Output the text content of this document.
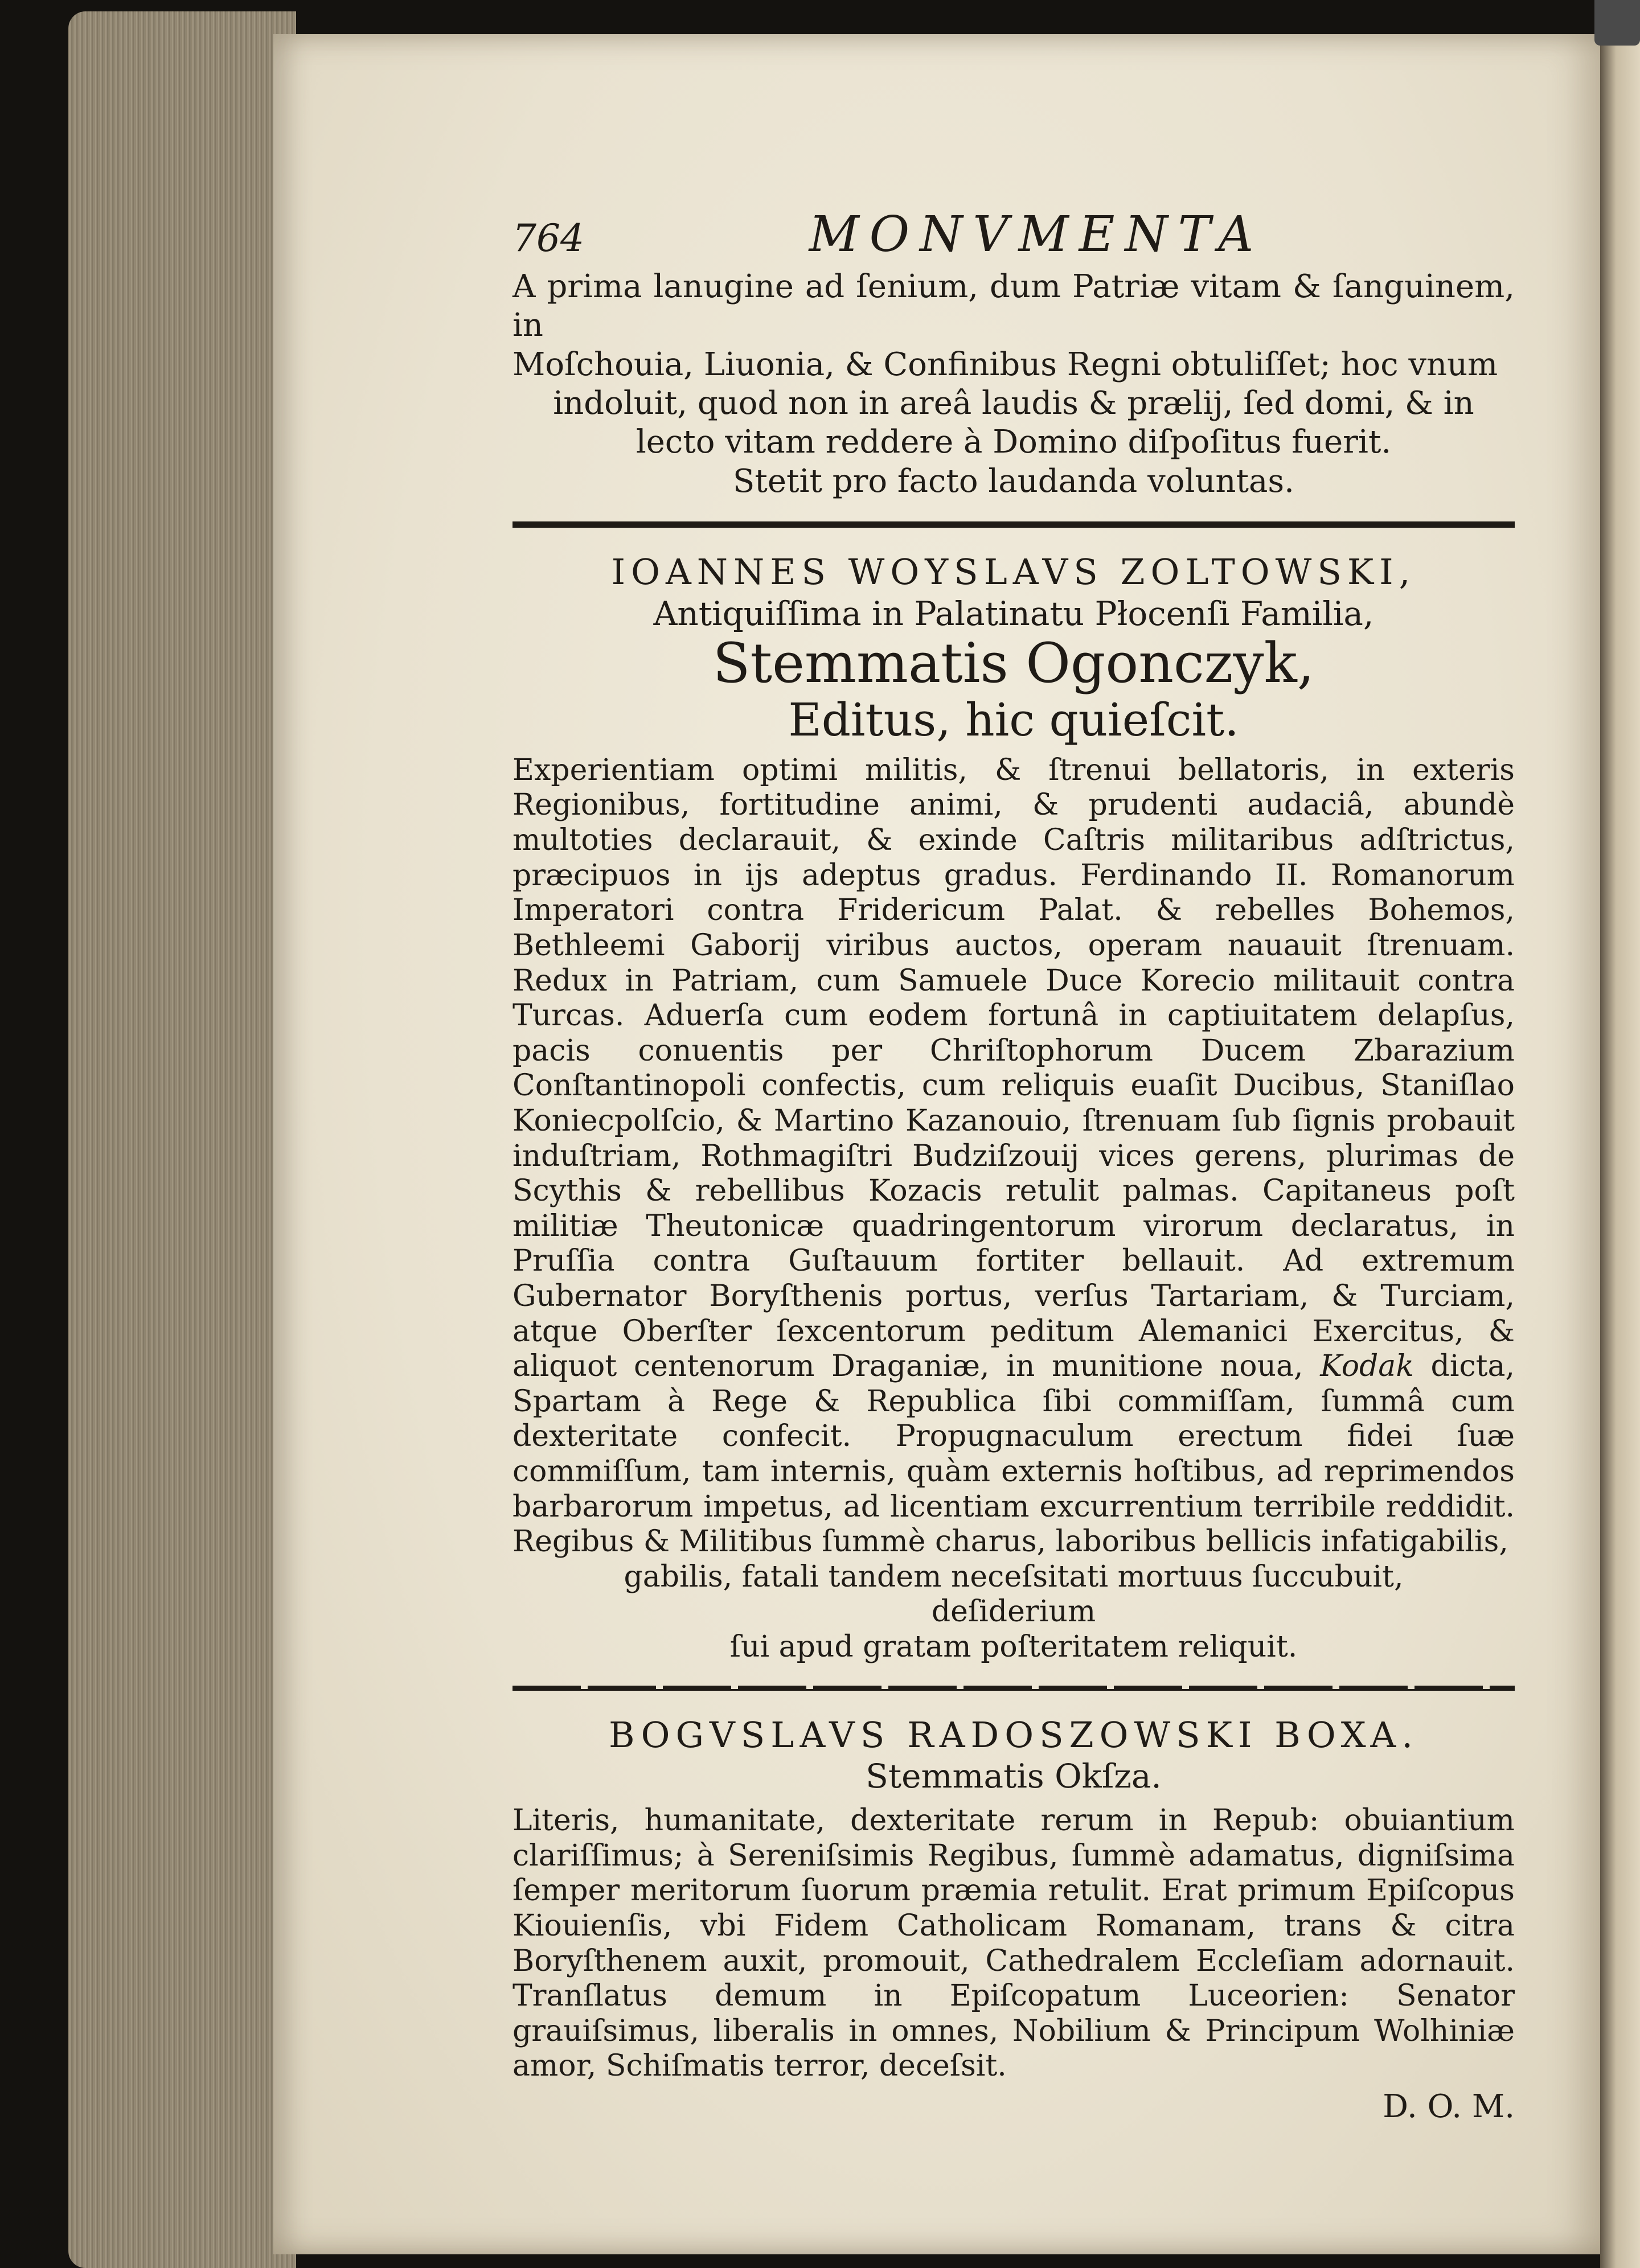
764	MONVMENTA

A prima lanugine ad ſenium, dum Patriæ vitam & ſanguinem, in

Moſchouia, Liuonia, & Confinibus Regni obtuliſſet; hoc vnum

indoluit, quod non in areâ laudis & prælij, ſed domi, & in

lecto vitam reddere à Domino diſpoſitus fuerit.

Stetit pro facto laudanda voluntas.

IOANNES WOYSLAVS ZOLTOWSKI,

Antiquiſſima in Palatinatu Płocenſi Familia,

Stemmatis Ogonczyk,

Editus, hic quieſcit.

Experientiam optimi militis, & ſtrenui bellatoris, in exteris Regionibus, fortitudine animi, & prudenti audaciâ, abundè multoties declarauit, & exinde Caſtris militaribus adſtrictus, præcipuos in ijs adeptus gradus. Ferdinando II. Romanorum Imperatori contra Fridericum Palat. & rebelles Bohemos, Bethleemi Gaborij viribus auctos, operam nauauit ſtrenuam. Redux in Patriam, cum Samuele Duce Korecio militauit contra Turcas. Aduerſa cum eodem fortunâ in captiuitatem delapſus, pacis conuentis per Chriſtophorum Ducem Zbarazium Conſtantinopoli confectis, cum reliquis euaſit Ducibus, Staniſlao Koniecpolſcio, & Martino Kazanouio, ſtrenuam ſub ſignis probauit induſtriam, Rothmagiſtri Budziſzouij vices gerens, plurimas de Scythis & rebellibus Kozacis retulit palmas. Capitaneus poſt militiæ Theutonicæ quadringentorum virorum declaratus, in Pruſſia contra Guſtauum fortiter bellauit. Ad extremum Gubernator Boryſthenis portus, verſus Tartariam, & Turciam, atque Oberſter ſexcentorum peditum Alemanici Exercitus, & aliquot centenorum Draganiæ, in munitione noua, Kodak dicta, Spartam à Rege & Republica ſibi commiſſam, ſummâ cum dexteritate confecit. Propugnaculum erectum fidei ſuæ commiſſum, tam internis, quàm externis hoſtibus, ad reprimendos barbarorum impetus, ad licentiam excurrentium terribile reddidit. Regibus & Militibus ſummè charus, laboribus bellicis infatigabilis,

gabilis, fatali tandem neceſsitati mortuus ſuccubuit, deſiderium

ſui apud gratam poſteritatem reliquit.

BOGVSLAVS RADOSZOWSKI BOXA.

Stemmatis Okſza.

Literis, humanitate, dexteritate rerum in Repub: obuiantium clariſſimus; à Sereniſsimis Regibus, ſummè adamatus, digniſsima ſemper meritorum ſuorum præmia retulit. Erat primum Epiſcopus Kiouienſis, vbi Fidem Catholicam Romanam, trans & citra Boryſthenem auxit, promouit, Cathedralem Eccleſiam adornauit. Tranſlatus demum in Epiſcopatum Luceorien: Senator grauiſsimus, liberalis in omnes, Nobilium & Principum Wolhiniæ amor, Schiſmatis terror, deceſsit.

D. O. M.
